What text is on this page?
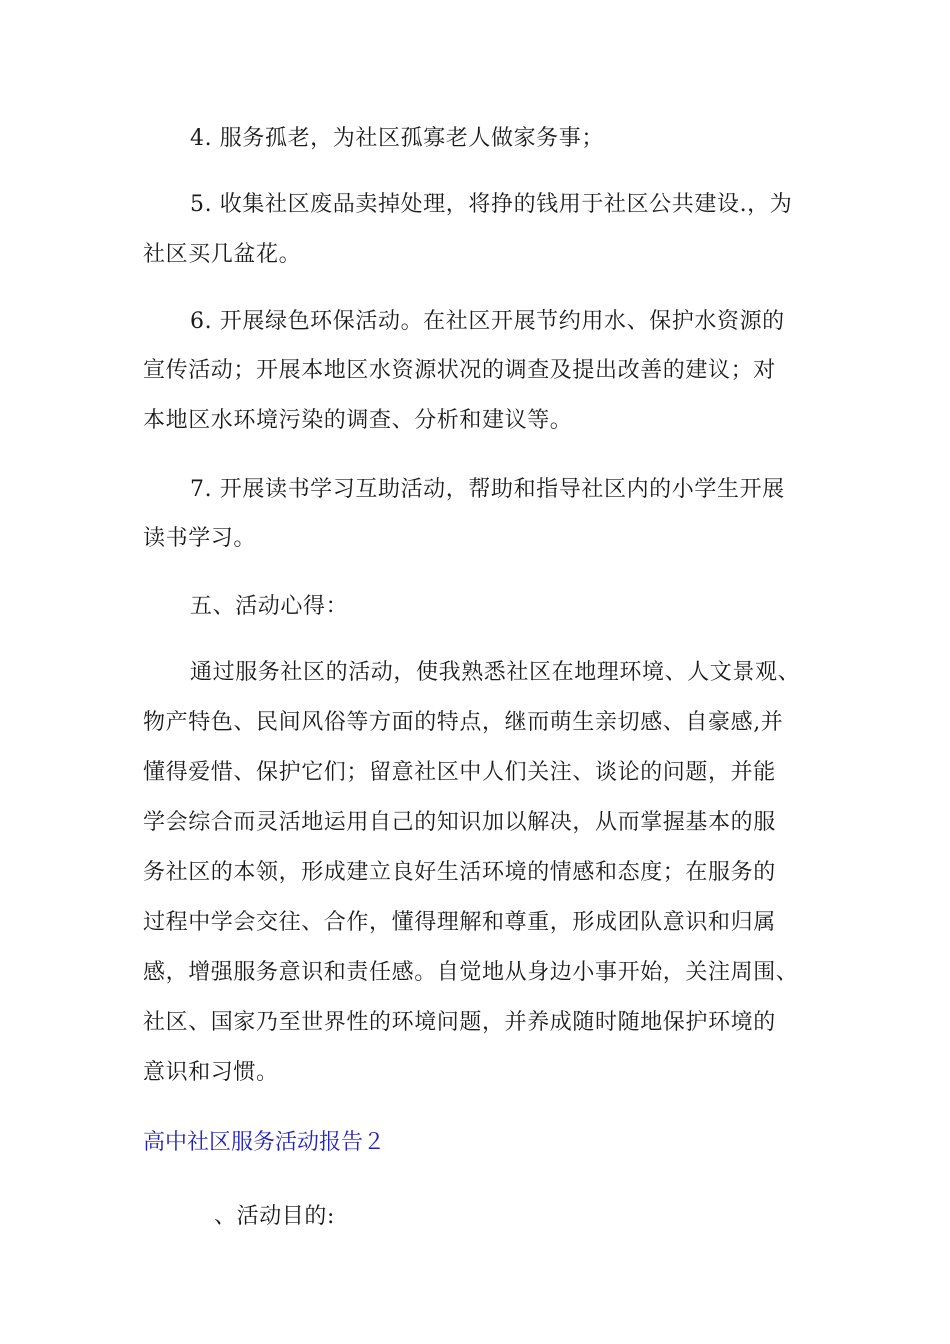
4. 服务孤老，为社区孤寡老人做家务事；
5. 收集社区废品卖掉处理，将挣的钱用于社区公共建设.，为
社区买几盆花。
6. 开展绿色环保活动。在社区开展节约用水、保护水资源的
宣传活动；开展本地区水资源状况的调查及提出改善的建议；对
本地区水环境污染的调查、分析和建议等。
7. 开展读书学习互助活动，帮助和指导社区内的小学生开展
读书学习。
五、活动心得：
通过服务社区的活动，使我熟悉社区在地理环境、人文景观、
物产特色、民间风俗等方面的特点，继而萌生亲切感、自豪感,并
懂得爱惜、保护它们；留意社区中人们关注、谈论的问题，并能
学会综合而灵活地运用自己的知识加以解决，从而掌握基本的服
务社区的本领，形成建立良好生活环境的情感和态度；在服务的
过程中学会交往、合作，懂得理解和尊重，形成团队意识和归属
感，增强服务意识和责任感。自觉地从身边小事开始，关注周围、
社区、国家乃至世界性的环境问题，并养成随时随地保护环境的
意识和习惯。
高中社区服务活动报告２
、活动目的:
